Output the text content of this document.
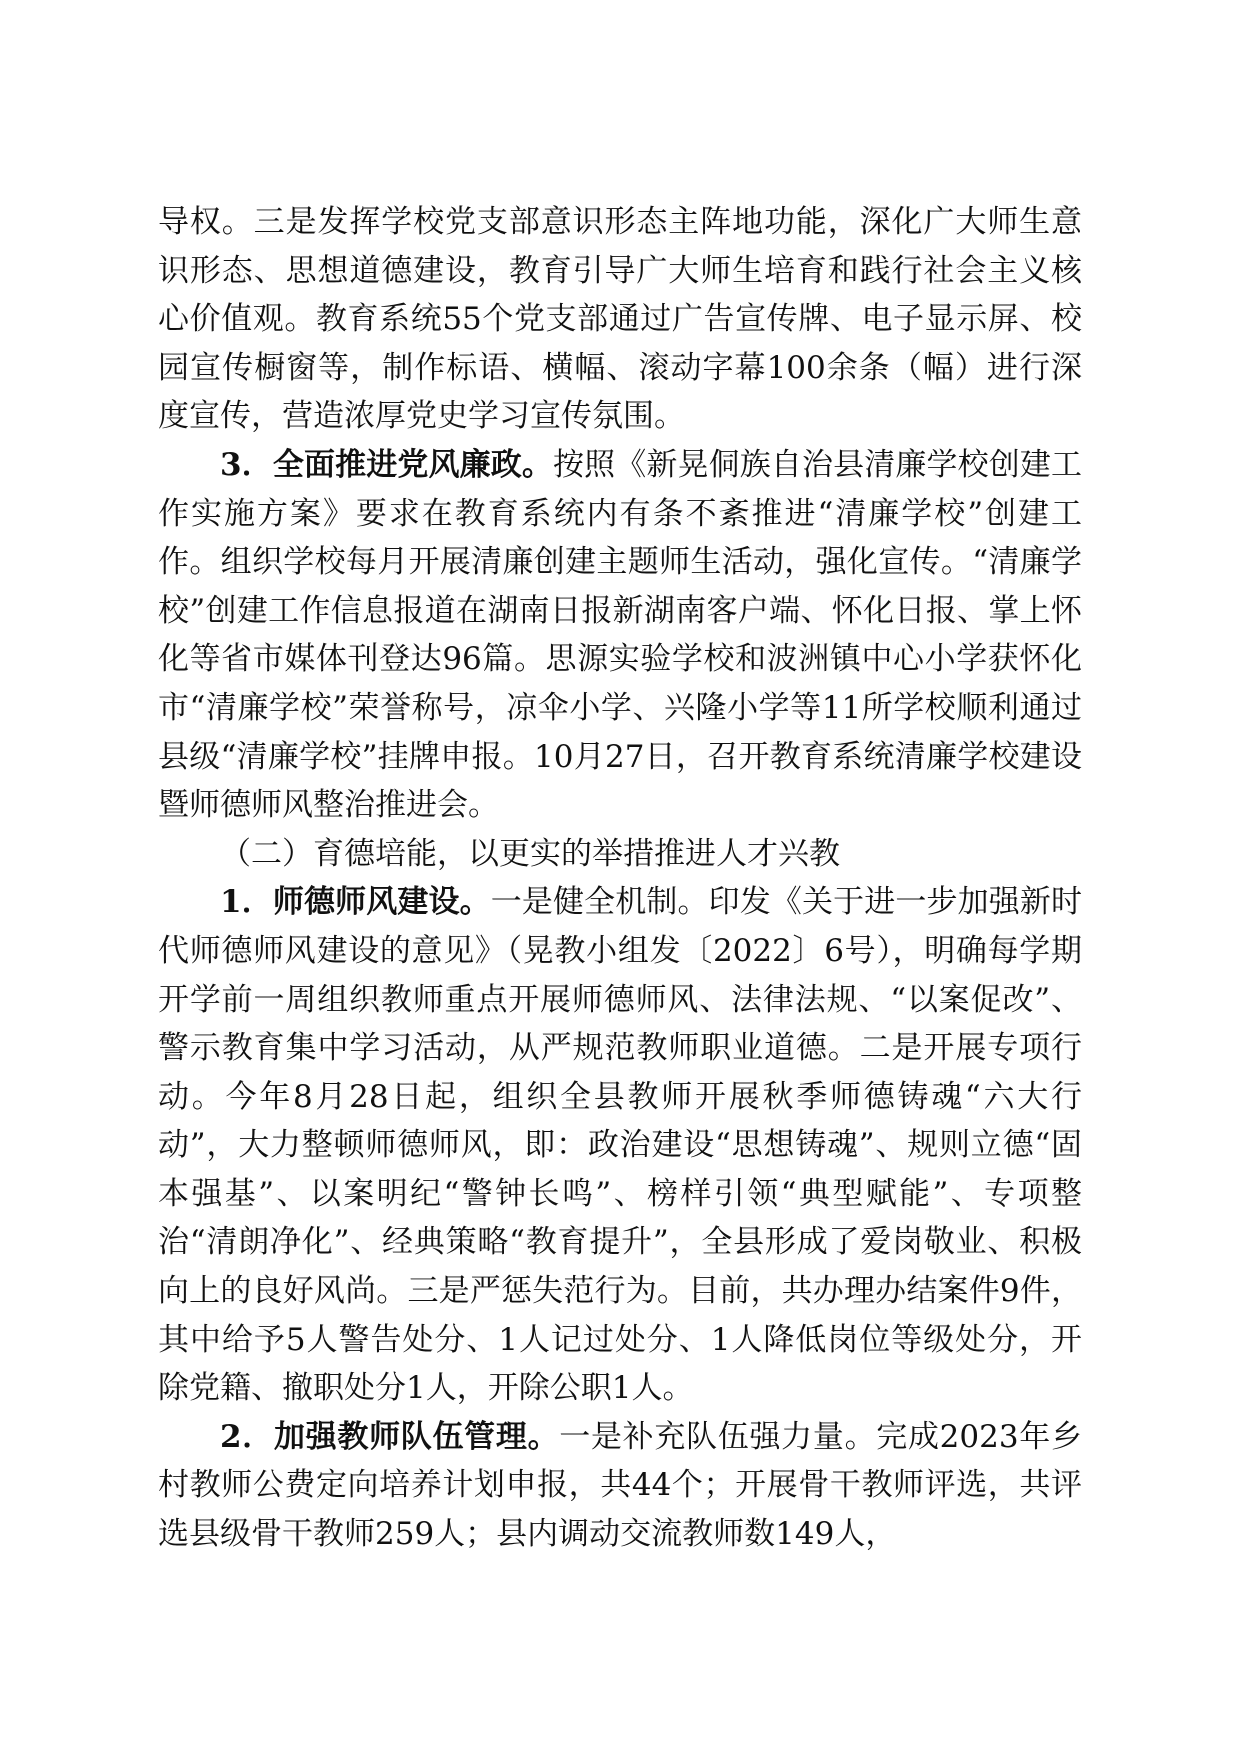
导权。三是发挥学校党支部意识形态主阵地功能，深化广大师生意识形态、思想道德建设，教育引导广大师生培育和践行社会主义核心价值观。教育系统55个党支部通过广告宣传牌、电子显示屏、校园宣传橱窗等，制作标语、横幅、滚动字幕100余条（幅）进行深度宣传，营造浓厚党史学习宣传氛围。

3．全面推进党风廉政。按照《新晃侗族自治县清廉学校创建工作实施方案》要求在教育系统内有条不紊推进“清廉学校”创建工作。组织学校每月开展清廉创建主题师生活动，强化宣传。“清廉学校”创建工作信息报道在湖南日报新湖南客户端、怀化日报、掌上怀化等省市媒体刊登达96篇。思源实验学校和波洲镇中心小学获怀化市“清廉学校”荣誉称号，凉伞小学、兴隆小学等11所学校顺利通过县级“清廉学校”挂牌申报。10月27日，召开教育系统清廉学校建设暨师德师风整治推进会。

（二）育德培能，以更实的举措推进人才兴教

1．师德师风建设。一是健全机制。印发《关于进一步加强新时代师德师风建设的意见》（晃教小组发〔2022〕6号），明确每学期开学前一周组织教师重点开展师德师风、法律法规、“以案促改”、警示教育集中学习活动，从严规范教师职业道德。二是开展专项行动。今年8月28日起，组织全县教师开展秋季师德铸魂“六大行动”，大力整顿师德师风，即：政治建设“思想铸魂”、规则立德“固本强基”、以案明纪“警钟长鸣”、榜样引领“典型赋能”、专项整治“清朗净化”、经典策略“教育提升”，全县形成了爱岗敬业、积极向上的良好风尚。三是严惩失范行为。目前，共办理办结案件9件，其中给予5人警告处分、1人记过处分、1人降低岗位等级处分，开除党籍、撤职处分1人，开除公职1人。

2．加强教师队伍管理。一是补充队伍强力量。完成2023年乡村教师公费定向培养计划申报，共44个；开展骨干教师评选，共评选县级骨干教师259人；县内调动交流教师数149人，
